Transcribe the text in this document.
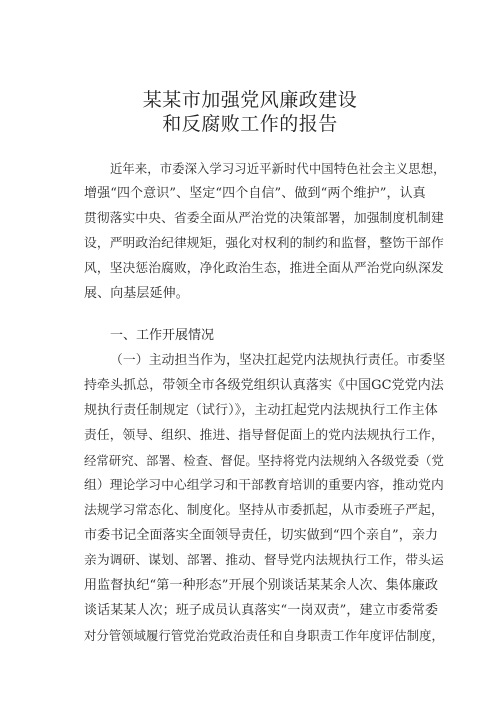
某某市加强党风廉政建设
和反腐败工作的报告
近年来，市委深入学习习近平新时代中国特色社会主义思想，
增强“四个意识”、坚定“四个自信”、做到“两个维护”，认真
贯彻落实中央、省委全面从严治党的决策部署，加强制度机制建
设，严明政治纪律规矩，强化对权利的制约和监督，整饬干部作
风，坚决惩治腐败，净化政治生态，推进全面从严治党向纵深发
展、向基层延伸。
一、工作开展情况
（一）主动担当作为，坚决扛起党内法规执行责任。市委坚
持牵头抓总，带领全市各级党组织认真落实《中国GC党党内法
规执行责任制规定（试行）》，主动扛起党内法规执行工作主体
责任，领导、组织、推进、指导督促面上的党内法规执行工作，
经常研究、部署、检查、督促。坚持将党内法规纳入各级党委（党
组）理论学习中心组学习和干部教育培训的重要内容，推动党内
法规学习常态化、制度化。坚持从市委抓起，从市委班子严起，
市委书记全面落实全面领导责任，切实做到“四个亲自”，亲力
亲为调研、谋划、部署、推动、督导党内法规执行工作，带头运
用监督执纪“第一种形态”开展个别谈话某某余人次、集体廉政
谈话某某人次；班子成员认真落实“一岗双责”，建立市委常委
对分管领域履行管党治党政治责任和自身职责工作年度评估制度，
